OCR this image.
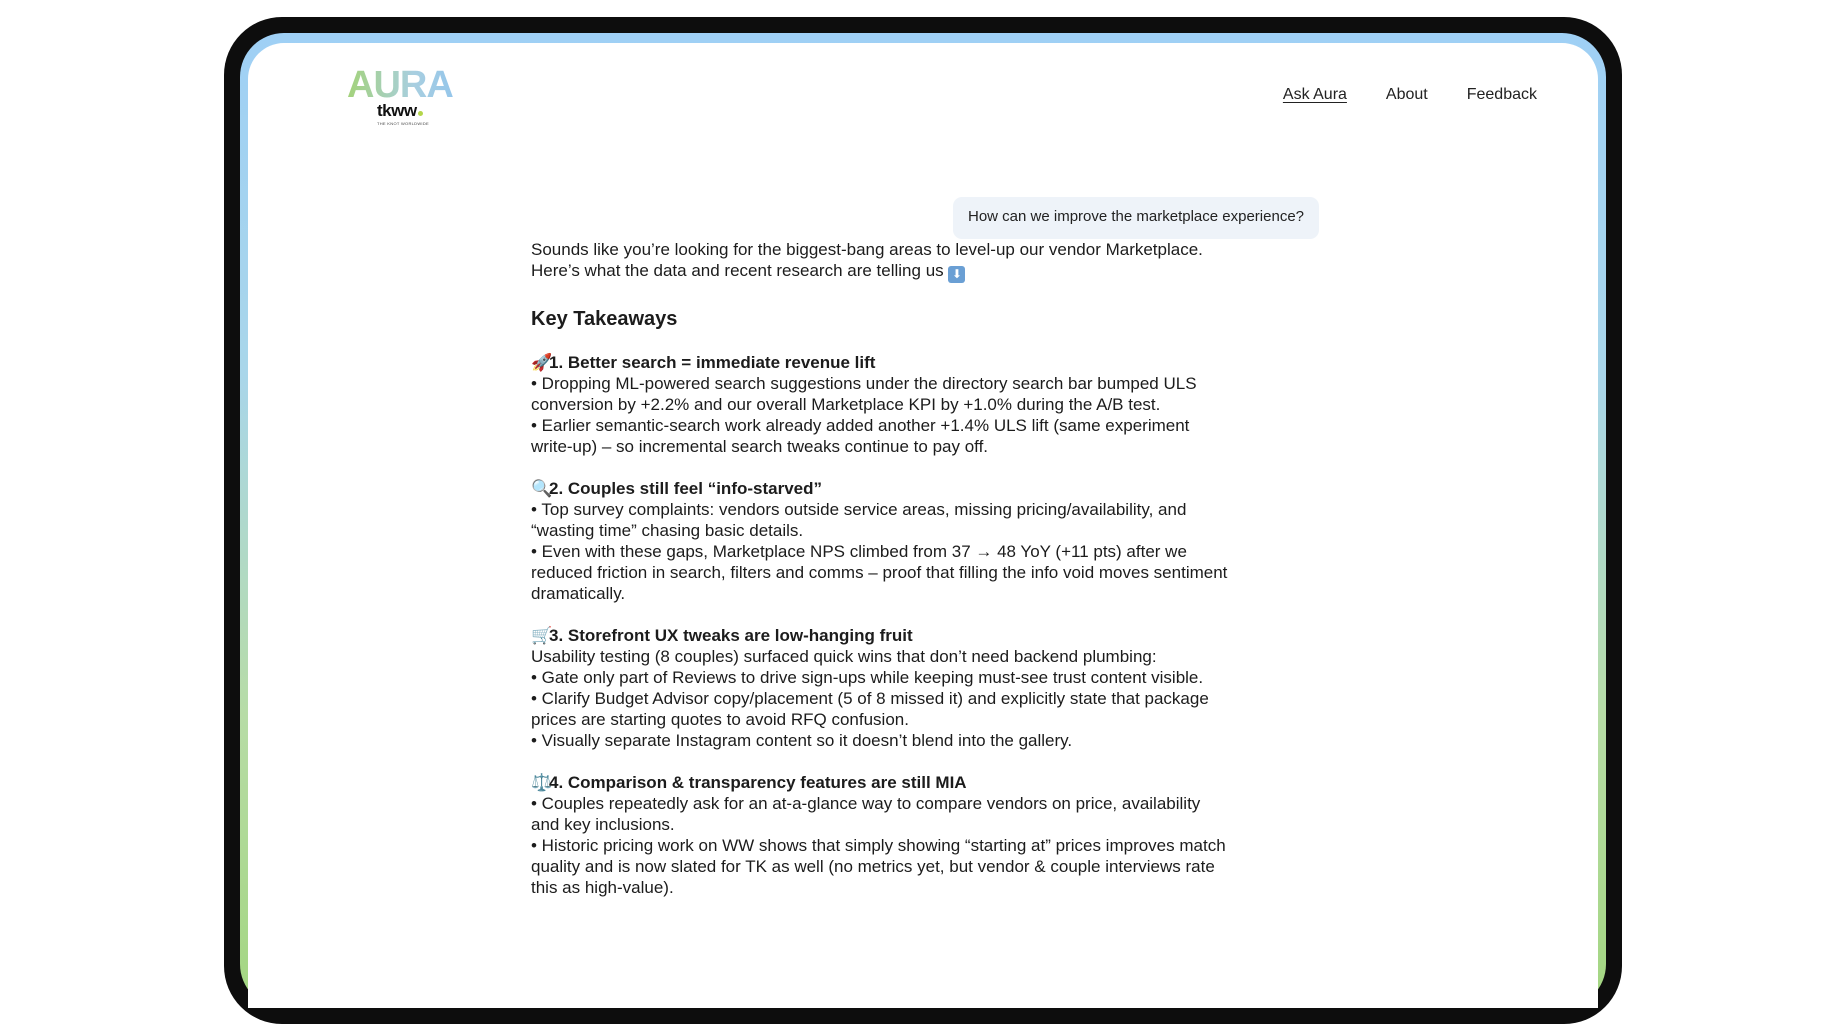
AURA
tkww
THE KNOT WORLDWIDE
Ask Aura About Feedback
How can we improve the marketplace experience?

Sounds like you’re looking for the biggest-bang areas to level-up our vendor Marketplace. Here’s what the data and recent research are telling us ⬇

Key Takeaways

🚀1. Better search = immediate revenue lift

• Dropping ML-powered search suggestions under the directory search bar bumped ULS conversion by +2.2% and our overall Marketplace KPI by +1.0% during the A/B test.

• Earlier semantic-search work already added another +1.4% ULS lift (same experiment write-up) – so incremental search tweaks continue to pay off.

🔍2. Couples still feel “info-starved”

• Top survey complaints: vendors outside service areas, missing pricing/availability, and “wasting time” chasing basic details.

• Even with these gaps, Marketplace NPS climbed from 37 → 48 YoY (+11 pts) after we reduced friction in search, filters and comms – proof that filling the info void moves sentiment dramatically.

🛒3. Storefront UX tweaks are low-hanging fruit

Usability testing (8 couples) surfaced quick wins that don’t need backend plumbing:

• Gate only part of Reviews to drive sign-ups while keeping must-see trust content visible.

• Clarify Budget Advisor copy/placement (5 of 8 missed it) and explicitly state that package prices are starting quotes to avoid RFQ confusion.

• Visually separate Instagram content so it doesn’t blend into the gallery.

⚖️4. Comparison & transparency features are still MIA

• Couples repeatedly ask for an at-a-glance way to compare vendors on price, availability and key inclusions.

• Historic pricing work on WW shows that simply showing “starting at” prices improves match quality and is now slated for TK as well (no metrics yet, but vendor & couple interviews rate this as high-value).
